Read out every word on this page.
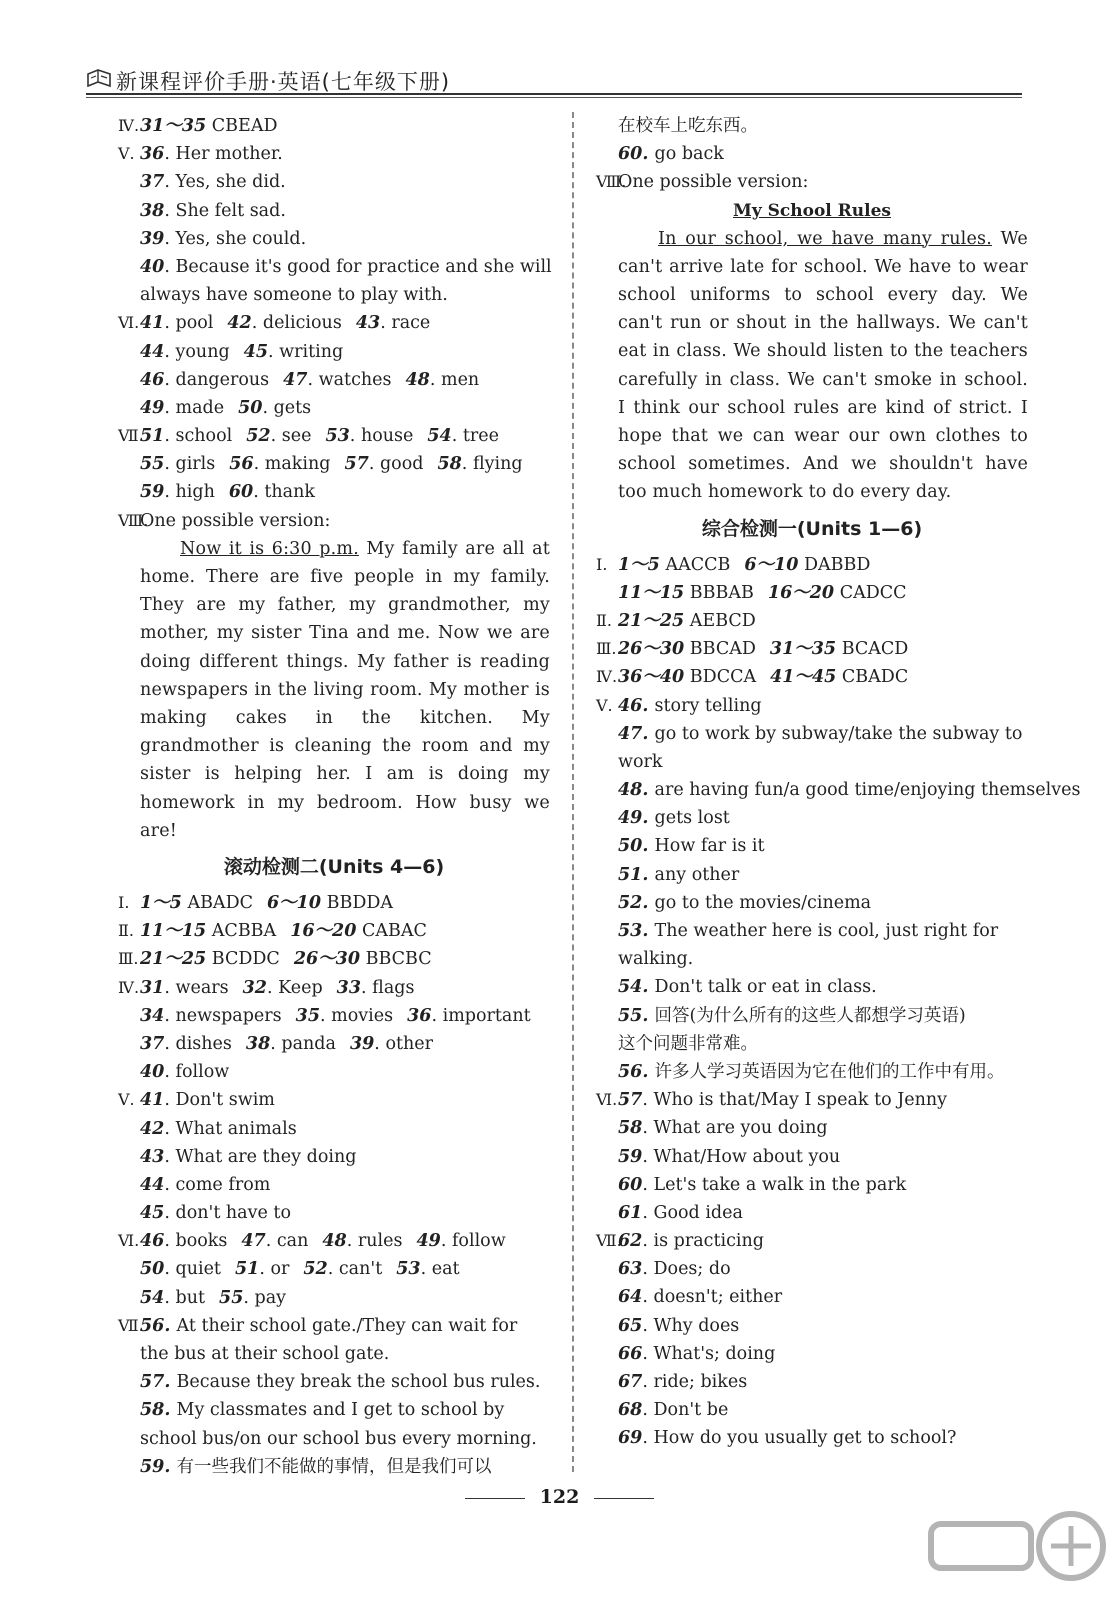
新课程评价手册·英语(七年级下册)
Ⅳ. 31～35 CBEAD
Ⅴ. 36. Her mother.
37. Yes, she did.
38. She felt sad.
39. Yes, she could.
40. Because it's good for practice and she will
always have someone to play with.
Ⅵ. 41. pool 42. delicious 43. race
44. young 45. writing
46. dangerous 47. watches 48. men
49. made 50. gets
Ⅶ.
51. school 52. see 53. house 54. tree
55. girls 56. making 57. good 58. flying
59. high 60. thank
Ⅷ.
One possible version:
Now it is 6:30 p.m. My family are all at home. There are five people in my family. They are my father, my grandmother, my mother, my sister Tina and me. Now we are doing different things. My father is reading newspapers in the living room. My mother is making cakes in the kitchen. My grandmother is cleaning the room and my sister is helping her. I am is doing my homework in my bedroom. How busy we are!
滚动检测二(Units 4—6)
Ⅰ. 1～5 ABADC 6～10 BBDDA
Ⅱ. 11～15 ACBBA 16～20 CABAC
Ⅲ. 21～25 BCDDC 26～30 BBCBC
Ⅳ. 31. wears 32. Keep 33. flags
34. newspapers 35. movies 36. important
37. dishes 38. panda 39. other
40. follow
Ⅴ. 41. Don't swim
42. What animals
43. What are they doing
44. come from
45. don't have to
Ⅵ. 46. books 47. can 48. rules 49. follow
50. quiet 51. or 52. can't 53. eat
54. but 55. pay
Ⅶ.
56. At their school gate./They can wait for
the bus at their school gate.
57. Because they break the school bus rules.
58. My classmates and I get to school by
school bus/on our school bus every morning.
59. 有一些我们不能做的事情，但是我们可以
在校车上吃东西。
60. go back
Ⅷ.
One possible version:
My School Rules
In our school, we have many rules. We can't arrive late for school. We have to wear school uniforms to school every day. We can't run or shout in the hallways. We can't eat in class. We should listen to the teachers carefully in class. We can't smoke in school. I think our school rules are kind of strict. I hope that we can wear our own clothes to school sometimes. And we shouldn't have too much homework to do every day.
综合检测一(Units 1—6)
Ⅰ. 1～5 AACCB 6～10 DABBD
11～15 BBBAB 16～20 CADCC
Ⅱ. 21～25 AEBCD
Ⅲ. 26～30 BBCAD 31～35 BCACD
Ⅳ. 36～40 BDCCA 41～45 CBADC
Ⅴ. 46. story telling
47. go to work by subway/take the subway to
work
48. are having fun/a good time/enjoying themselves
49. gets lost
50. How far is it
51. any other
52. go to the movies/cinema
53. The weather here is cool, just right for
walking.
54. Don't talk or eat in class.
55. 回答(为什么所有的这些人都想学习英语)
这个问题非常难。
56. 许多人学习英语因为它在他们的工作中有用。
Ⅵ. 57. Who is that/May I speak to Jenny
58. What are you doing
59. What/How about you
60. Let's take a walk in the park
61. Good idea
Ⅶ.
62. is practicing
63. Does; do
64. doesn't; either
65. Why does
66. What's; doing
67. ride; bikes
68. Don't be
69. How do you usually get to school?
122
